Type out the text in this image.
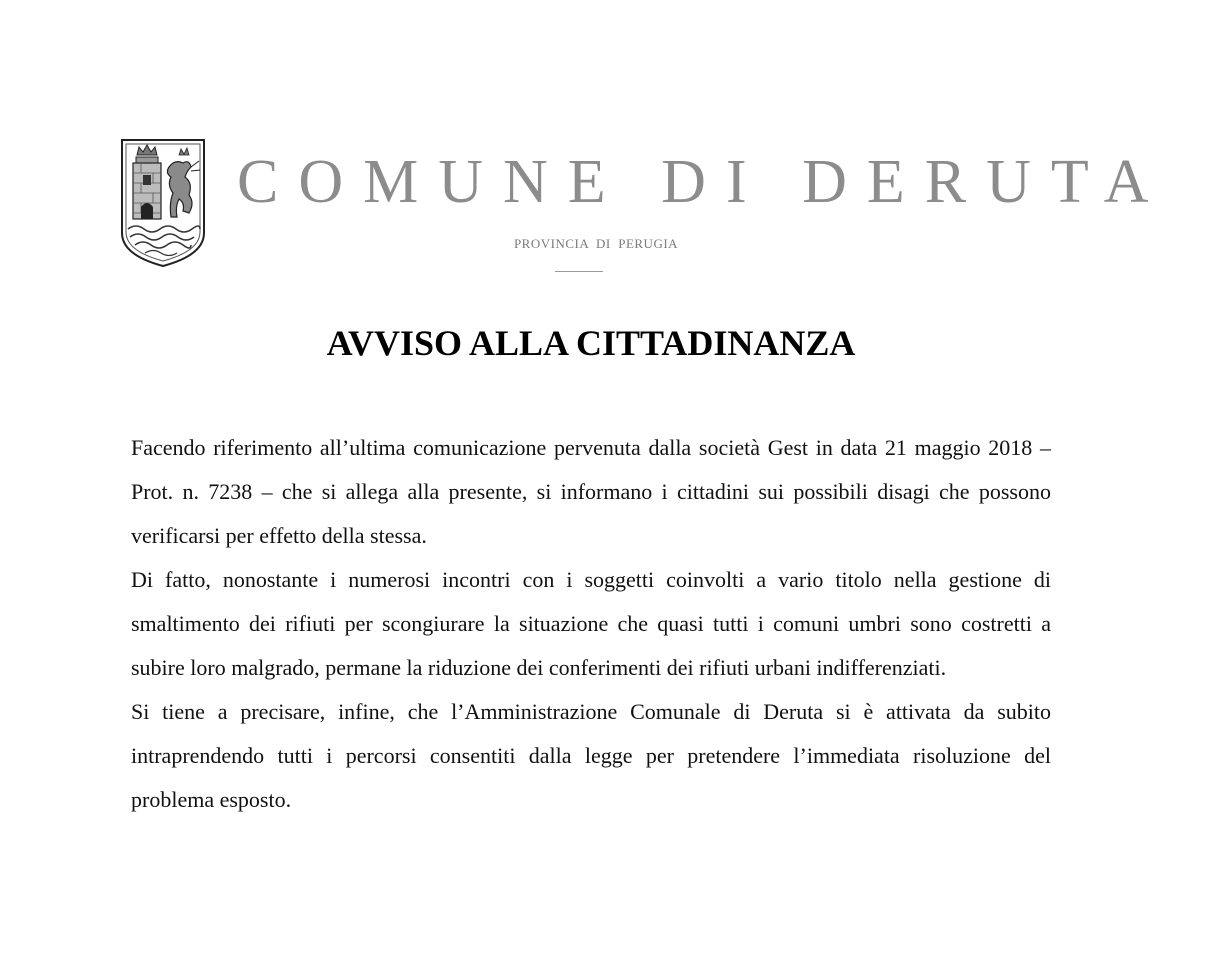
COMUNE DI DERUTA
PROVINCIA  DI  PERUGIA
AVVISO ALLA CITTADINANZA

Facendo riferimento all’ultima comunicazione pervenuta dalla società Gest in data 21 maggio 2018 – Prot. n. 7238 – che si allega alla presente, si informano i cittadini sui possibili disagi che possono verificarsi per effetto della stessa.

Di fatto, nonostante i numerosi incontri con i soggetti coinvolti a vario titolo nella gestione di smaltimento dei rifiuti per scongiurare la situazione che quasi tutti i comuni umbri sono costretti a subire loro malgrado, permane la riduzione dei conferimenti dei rifiuti urbani indifferenziati.

Si tiene a precisare, infine, che l’Amministrazione Comunale di Deruta si è attivata da subito intraprendendo tutti i percorsi consentiti dalla legge per pretendere l’immediata risoluzione del problema esposto.
